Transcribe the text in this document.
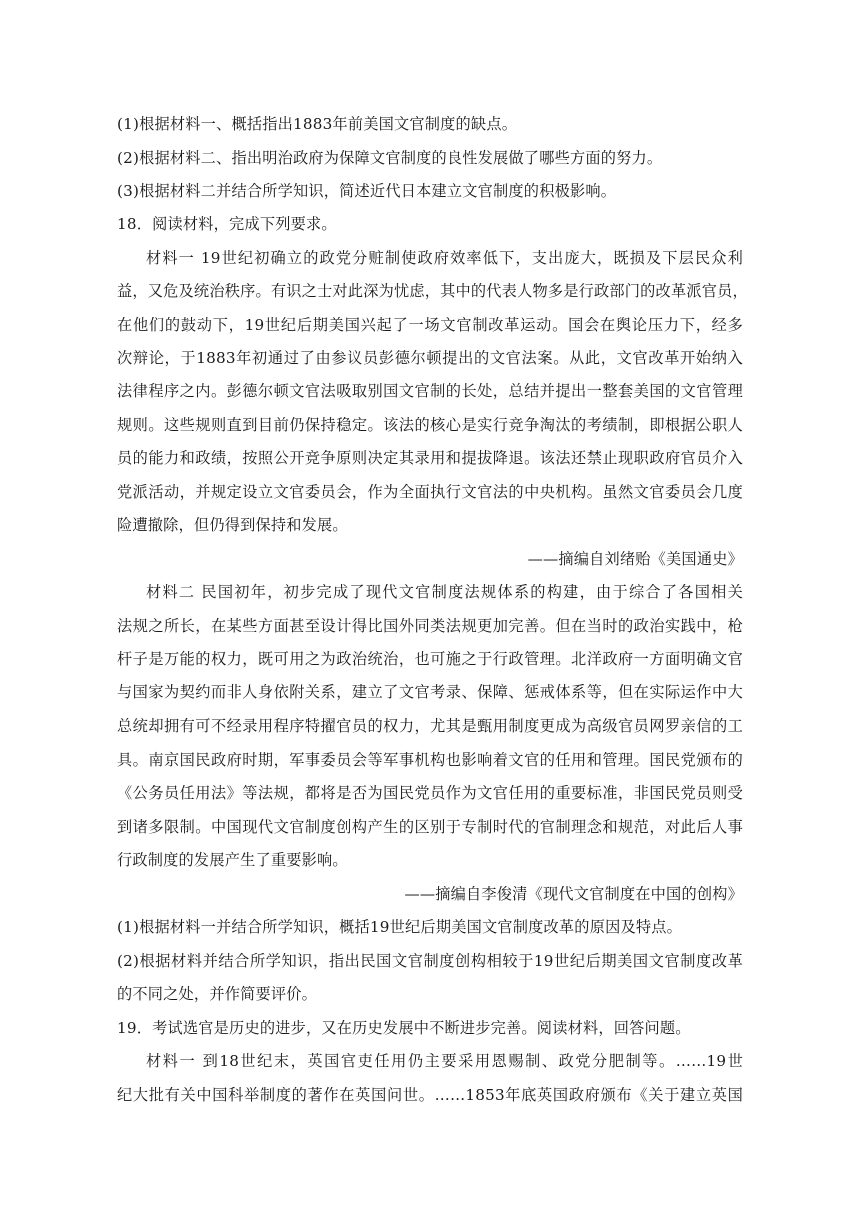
(1)根据材料一、概括指出1883年前美国文官制度的缺点。
(2)根据材料二、指出明治政府为保障文官制度的良性发展做了哪些方面的努力。
(3)根据材料二并结合所学知识，简述近代日本建立文官制度的积极影响。
18．阅读材料，完成下列要求。
材料一 19世纪初确立的政党分赃制使政府效率低下，支出庞大，既损及下层民众利
益，又危及统治秩序。有识之士对此深为忧虑，其中的代表人物多是行政部门的改革派官员，
在他们的鼓动下，19世纪后期美国兴起了一场文官制改革运动。国会在舆论压力下，经多
次辩论，于1883年初通过了由参议员彭德尔顿提出的文官法案。从此，文官改革开始纳入
法律程序之内。彭德尔顿文官法吸取别国文官制的长处，总结并提出一整套美国的文官管理
规则。这些规则直到目前仍保持稳定。该法的核心是实行竞争淘汰的考绩制，即根据公职人
员的能力和政绩，按照公开竞争原则决定其录用和提拔降退。该法还禁止现职政府官员介入
党派活动，并规定设立文官委员会，作为全面执行文官法的中央机构。虽然文官委员会几度
险遭撤除，但仍得到保持和发展。
——摘编自刘绪贻《美国通史》
材料二 民国初年，初步完成了现代文官制度法规体系的构建，由于综合了各国相关
法规之所长，在某些方面甚至设计得比国外同类法规更加完善。但在当时的政治实践中，枪
杆子是万能的权力，既可用之为政治统治，也可施之于行政管理。北洋政府一方面明确文官
与国家为契约而非人身依附关系，建立了文官考录、保障、惩戒体系等，但在实际运作中大
总统却拥有可不经录用程序特擢官员的权力，尤其是甄用制度更成为高级官员网罗亲信的工
具。南京国民政府时期，军事委员会等军事机构也影响着文官的任用和管理。国民党颁布的
《公务员任用法》等法规，都将是否为国民党员作为文官任用的重要标准，非国民党员则受
到诸多限制。中国现代文官制度创构产生的区别于专制时代的官制理念和规范，对此后人事
行政制度的发展产生了重要影响。
——摘编自李俊清《现代文官制度在中国的创构》
(1)根据材料一并结合所学知识，概括19世纪后期美国文官制度改革的原因及特点。
(2)根据材料并结合所学知识，指出民国文官制度创构相较于19世纪后期美国文官制度改革
的不同之处，并作简要评价。
19．考试选官是历史的进步，又在历史发展中不断进步完善。阅读材料，回答问题。
材料一 到18世纪末，英国官吏任用仍主要采用恩赐制、政党分肥制等。……19世
纪大批有关中国科举制度的著作在英国问世。……1853年底英国政府颁布《关于建立英国
